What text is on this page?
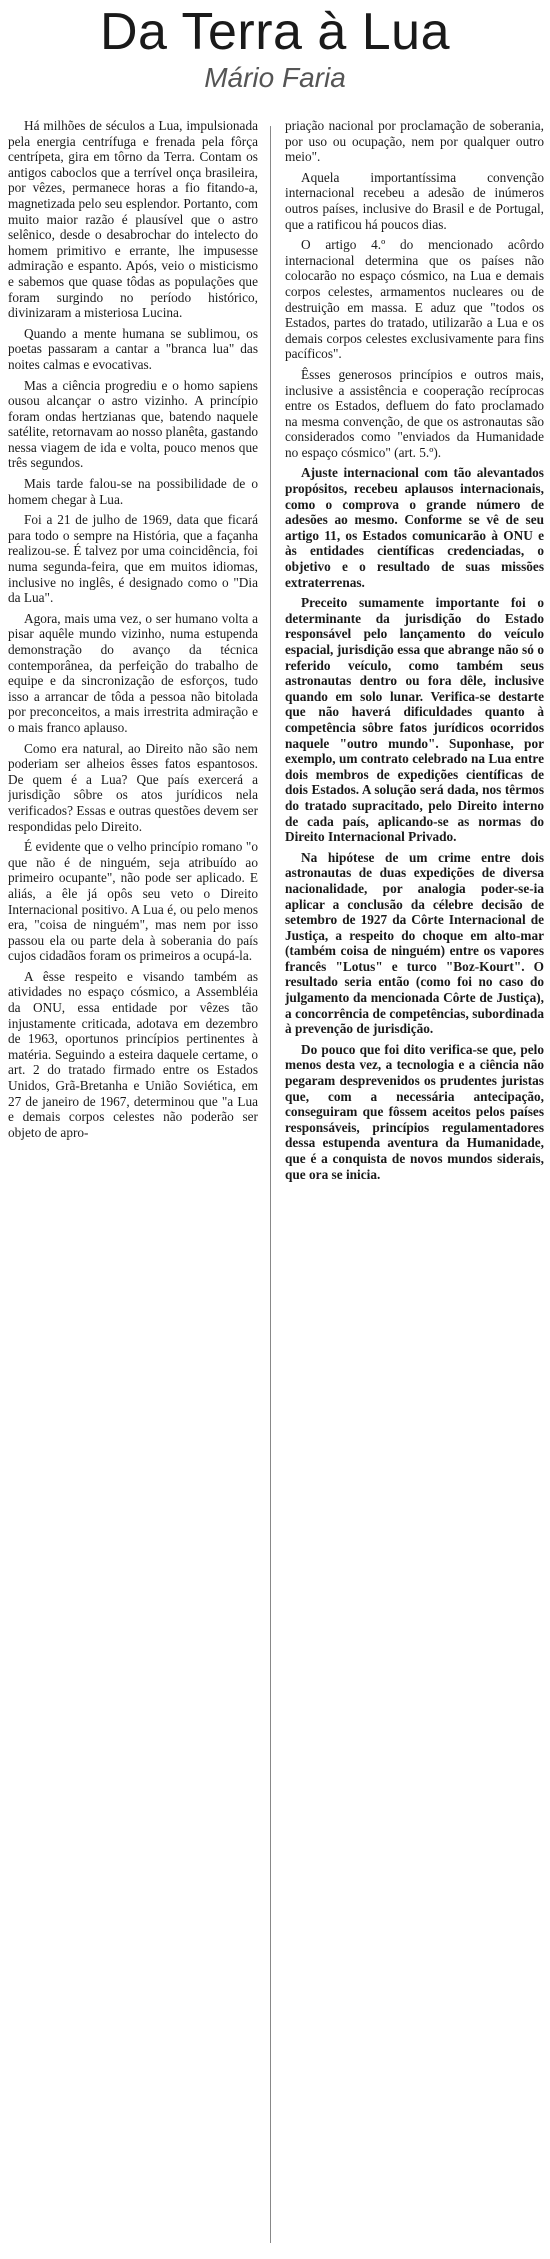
Da Terra à Lua
Mário Faria

Há milhões de séculos a Lua, impulsionada pela energia centrífuga e frenada pela fôrça centrípeta, gira em tôrno da Terra. Contam os antigos caboclos que a terrível onça brasileira, por vêzes, permanece horas a fio fitando-a, magnetizada pelo seu esplendor. Portanto, com muito maior razão é plausível que o astro selênico, desde o desabrochar do intelecto do homem primitivo e errante, lhe impusesse admiração e espanto. Após, veio o misticismo e sabemos que quase tôdas as populações que foram surgindo no período histórico, divinizaram a misteriosa Lucina.

Quando a mente humana se sublimou, os poetas passaram a cantar a "branca lua" das noites calmas e evocativas.

Mas a ciência progrediu e o homo sapiens ousou alcançar o astro vizinho. A princípio foram ondas hertzianas que, batendo naquele satélite, retornavam ao nosso planêta, gastando nessa viagem de ida e volta, pouco menos que três segundos.

Mais tarde falou-se na possibilidade de o homem chegar à Lua.

Foi a 21 de julho de 1969, data que ficará para todo o sempre na História, que a façanha realizou-se. É talvez por uma coincidência, foi numa segunda-feira, que em muitos idiomas, inclusive no inglês, é designado como o "Dia da Lua".

Agora, mais uma vez, o ser humano volta a pisar aquêle mundo vizinho, numa estupenda demonstração do avanço da técnica contemporânea, da perfeição do trabalho de equipe e da sincronização de esforços, tudo isso a arrancar de tôda a pessoa não bitolada por preconceitos, a mais irrestrita admiração e o mais franco aplauso.

Como era natural, ao Direito não são nem poderiam ser alheios êsses fatos espantosos. De quem é a Lua? Que país exercerá a jurisdição sôbre os atos jurídicos nela verificados? Essas e outras questões devem ser respondidas pelo Direito.

É evidente que o velho princípio romano "o que não é de ninguém, seja atribuído ao primeiro ocupante", não pode ser aplicado. E aliás, a êle já opôs seu veto o Direito Internacional positivo. A Lua é, ou pelo menos era, "coisa de ninguém", mas nem por isso passou ela ou parte dela à soberania do país cujos cidadãos foram os primeiros a ocupá-la.

A êsse respeito e visando também as atividades no espaço cósmico, a Assembléia da ONU, essa entidade por vêzes tão injustamente criticada, adotava em dezembro de 1963, oportunos princípios pertinentes à matéria. Seguindo a esteira daquele certame, o art. 2 do tratado firmado entre os Estados Unidos, Grã-Bretanha e União Soviética, em 27 de janeiro de 1967, determinou que "a Lua e demais corpos celestes não poderão ser objeto de apro-

priação nacional por proclamação de soberania, por uso ou ocupação, nem por qualquer outro meio".

Aquela importantíssima convenção internacional recebeu a adesão de inúmeros outros países, inclusive do Brasil e de Portugal, que a ratificou há poucos dias.

O artigo 4.º do mencionado acôrdo internacional determina que os países não colocarão no espaço cósmico, na Lua e demais corpos celestes, armamentos nucleares ou de destruição em massa. E aduz que "todos os Estados, partes do tratado, utilizarão a Lua e os demais corpos celestes exclusivamente para fins pacíficos".

Êsses generosos princípios e outros mais, inclusive a assistência e cooperação recíprocas entre os Estados, defluem do fato proclamado na mesma convenção, de que os astronautas são considerados como "enviados da Humanidade no espaço cósmico" (art. 5.º).

Ajuste internacional com tão alevantados propósitos, recebeu aplausos internacionais, como o comprova o grande número de adesões ao mesmo. Conforme se vê de seu artigo 11, os Estados comunicarão à ONU e às entidades científicas credenciadas, o objetivo e o resultado de suas missões extraterrenas.

Preceito sumamente importante foi o determinante da jurisdição do Estado responsável pelo lançamento do veículo espacial, jurisdição essa que abrange não só o referido veículo, como também seus astronautas dentro ou fora dêle, inclusive quando em solo lunar. Verifica-se destarte que não haverá dificuldades quanto à competência sôbre fatos jurídicos ocorridos naquele "outro mundo". Suponhase, por exemplo, um contrato celebrado na Lua entre dois membros de expedições científicas de dois Estados. A solução será dada, nos têrmos do tratado supracitado, pelo Direito interno de cada país, aplicando-se as normas do Direito Internacional Privado.

Na hipótese de um crime entre dois astronautas de duas expedições de diversa nacionalidade, por analogia poder-se-ia aplicar a conclusão da célebre decisão de setembro de 1927 da Côrte Internacional de Justiça, a respeito do choque em alto-mar (também coisa de ninguém) entre os vapores francês "Lotus" e turco "Boz-Kourt". O resultado seria então (como foi no caso do julgamento da mencionada Côrte de Justiça), a concorrência de competências, subordinada à prevenção de jurisdição.

Do pouco que foi dito verifica-se que, pelo menos desta vez, a tecnologia e a ciência não pegaram desprevenidos os prudentes juristas que, com a necessária antecipação, conseguiram que fôssem aceitos pelos países responsáveis, princípios regulamentadores dessa estupenda aventura da Humanidade, que é a conquista de novos mundos siderais, que ora se inicia.
